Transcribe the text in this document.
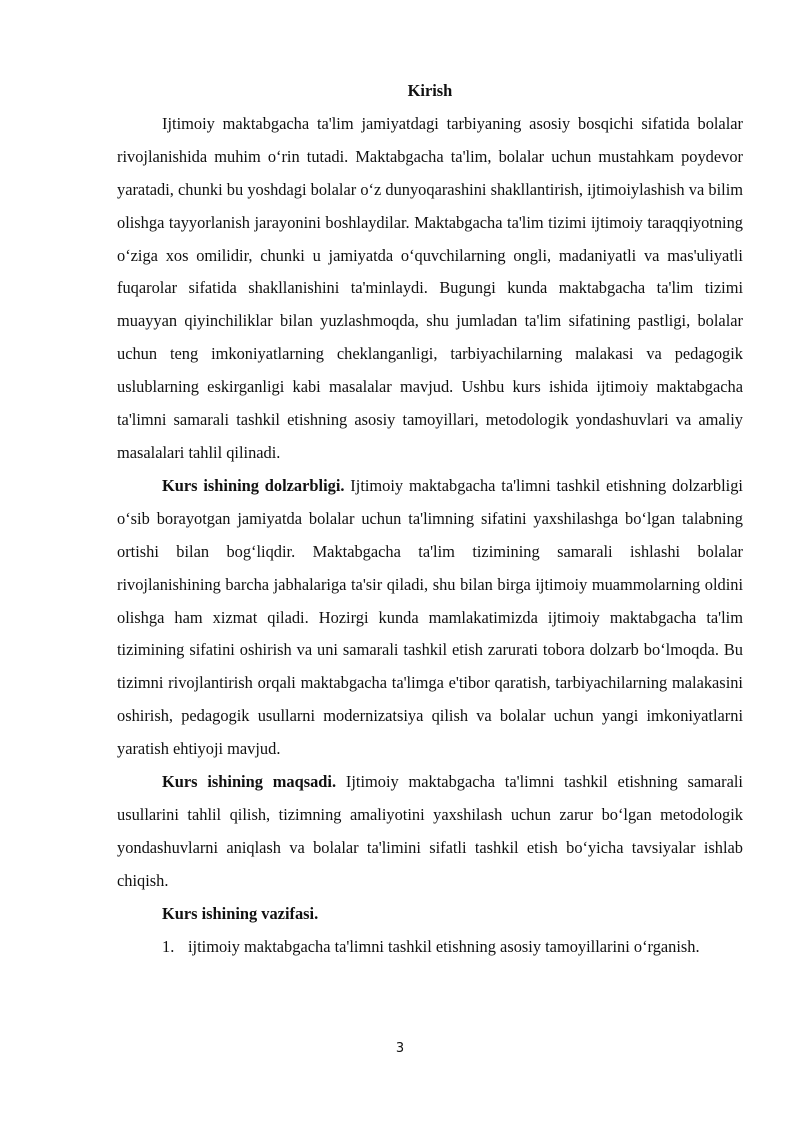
Kirish

Ijtimoiy maktabgacha ta'lim jamiyatdagi tarbiyaning asosiy bosqichi sifatida bolalar rivojlanishida muhim o‘rin tutadi. Maktabgacha ta'lim, bolalar uchun mustahkam poydevor yaratadi, chunki bu yoshdagi bolalar o‘z dunyoqarashini shakllantirish, ijtimoiylashish va bilim olishga tayyorlanish jarayonini boshlaydilar. Maktabgacha ta'lim tizimi ijtimoiy taraqqiyotning o‘ziga xos omilidir, chunki u jamiyatda o‘quvchilarning ongli, madaniyatli va mas'uliyatli fuqarolar sifatida shakllanishini ta'minlaydi. Bugungi kunda maktabgacha ta'lim tizimi muayyan qiyinchiliklar bilan yuzlashmoqda, shu jumladan ta'lim sifatining pastligi, bolalar uchun teng imkoniyatlarning cheklanganligi, tarbiyachilarning malakasi va pedagogik uslublarning eskirganligi kabi masalalar mavjud. Ushbu kurs ishida ijtimoiy maktabgacha ta'limni samarali tashkil etishning asosiy tamoyillari, metodologik yondashuvlari va amaliy masalalari tahlil qilinadi.

Kurs ishining dolzarbligi. Ijtimoiy maktabgacha ta'limni tashkil etishning dolzarbligi o‘sib borayotgan jamiyatda bolalar uchun ta'limning sifatini yaxshilashga bo‘lgan talabning ortishi bilan bog‘liqdir. Maktabgacha ta'lim tizimining samarali ishlashi bolalar rivojlanishining barcha jabhalariga ta'sir qiladi, shu bilan birga ijtimoiy muammolarning oldini olishga ham xizmat qiladi. Hozirgi kunda mamlakatimizda ijtimoiy maktabgacha ta'lim tizimining sifatini oshirish va uni samarali tashkil etish zarurati tobora dolzarb bo‘lmoqda. Bu tizimni rivojlantirish orqali maktabgacha ta'limga e'tibor qaratish, tarbiyachilarning malakasini oshirish, pedagogik usullarni modernizatsiya qilish va bolalar uchun yangi imkoniyatlarni yaratish ehtiyoji mavjud.

Kurs ishining maqsadi. Ijtimoiy maktabgacha ta'limni tashkil etishning samarali usullarini tahlil qilish, tizimning amaliyotini yaxshilash uchun zarur bo‘lgan metodologik yondashuvlarni aniqlash va bolalar ta'limini sifatli tashkil etish bo‘yicha tavsiyalar ishlab chiqish.

Kurs ishining vazifasi.

1. ijtimoiy maktabgacha ta'limni tashkil etishning asosiy tamoyillarini o‘rganish.
3
